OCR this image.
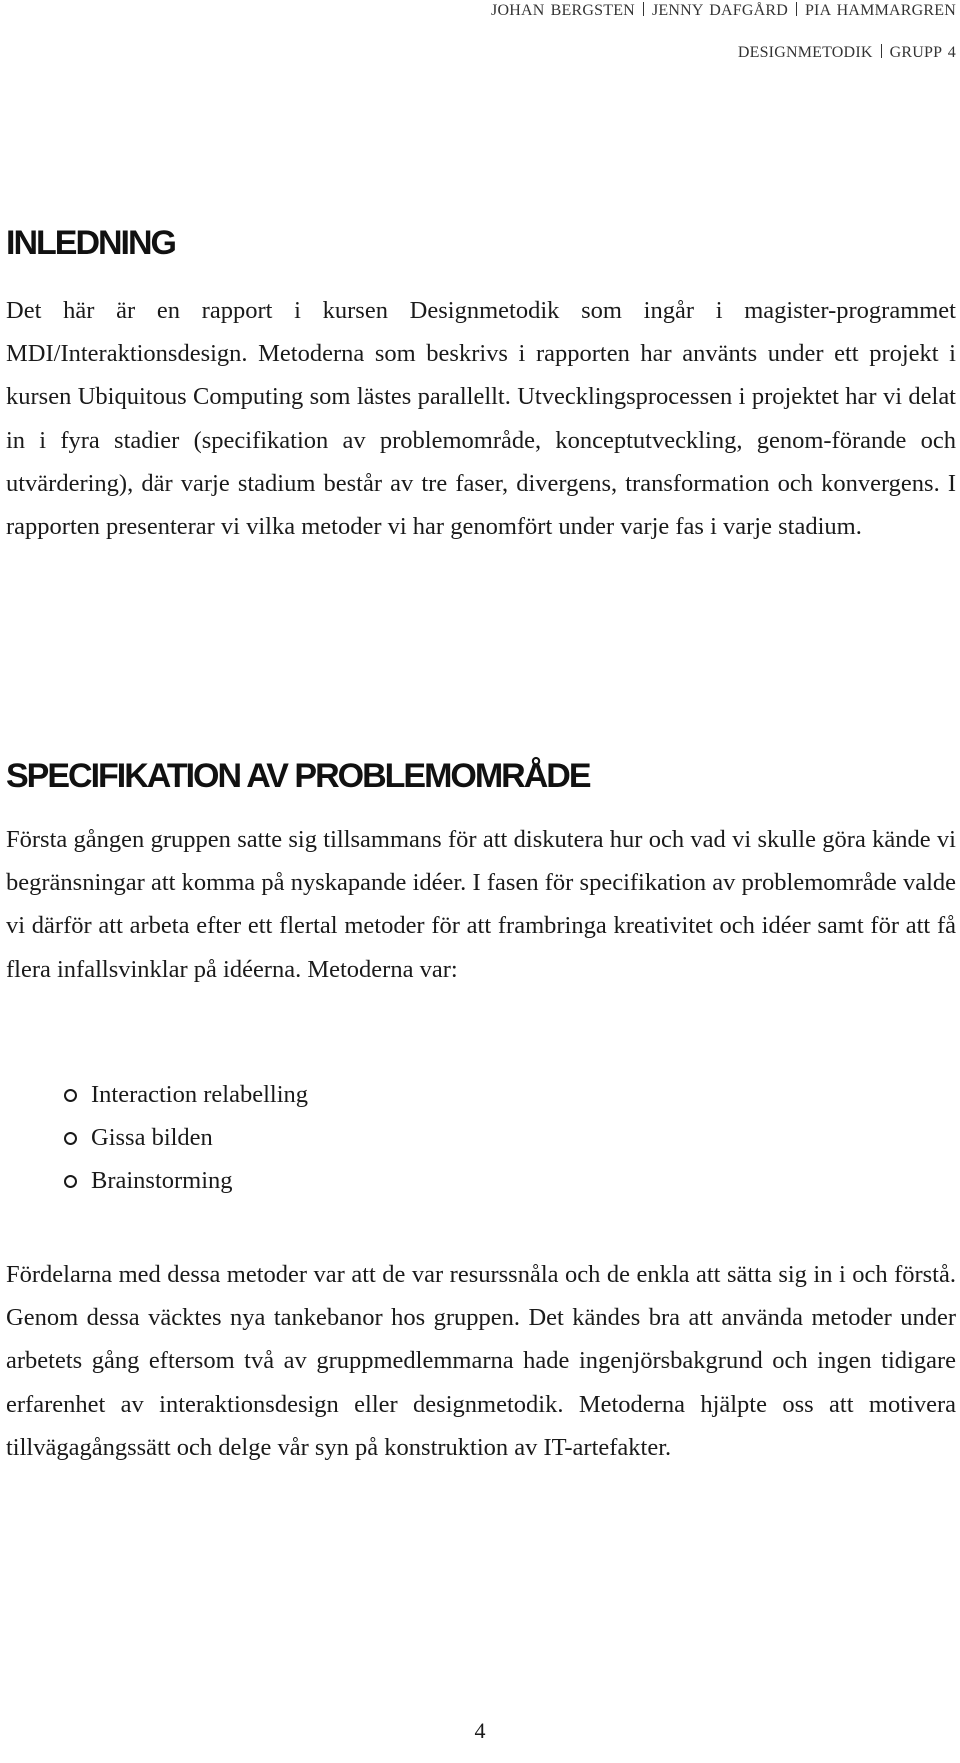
JOHAN BERGSTEN JENNY DAFGÅRD PIA HAMMARGREN
DESIGNMETODIK GRUPP 4
INLEDNING

Det här är en rapport i kursen Designmetodik som ingår i magister-programmet MDI/Interaktionsdesign. Metoderna som beskrivs i rapporten har använts under ett projekt i kursen Ubiquitous Computing som lästes parallellt. Utvecklingsprocessen i projektet har vi delat in i fyra stadier (specifikation av problemområde, konceptutveckling, genom-förande och utvärdering), där varje stadium består av tre faser, divergens, transformation och konvergens. I rapporten presenterar vi vilka metoder vi har genomfört under varje fas i varje stadium.

SPECIFIKATION AV PROBLEMOMRÅDE

Första gången gruppen satte sig tillsammans för att diskutera hur och vad vi skulle göra kände vi begränsningar att komma på nyskapande idéer. I fasen för specifikation av problemområde valde vi därför att arbeta efter ett flertal metoder för att frambringa kreativitet och idéer samt för att få flera infallsvinklar på idéerna. Metoderna var:

Interaction relabelling
Gissa bilden
Brainstorming

Fördelarna med dessa metoder var att de var resurssnåla och de enkla att sätta sig in i och förstå. Genom dessa väcktes nya tankebanor hos gruppen. Det kändes bra att använda metoder under arbetets gång eftersom två av gruppmedlemmarna hade ingenjörsbakgrund och ingen tidigare erfarenhet av interaktionsdesign eller designmetodik. Metoderna hjälpte oss att motivera tillvägagångssätt och delge vår syn på konstruktion av IT-artefakter.

4
